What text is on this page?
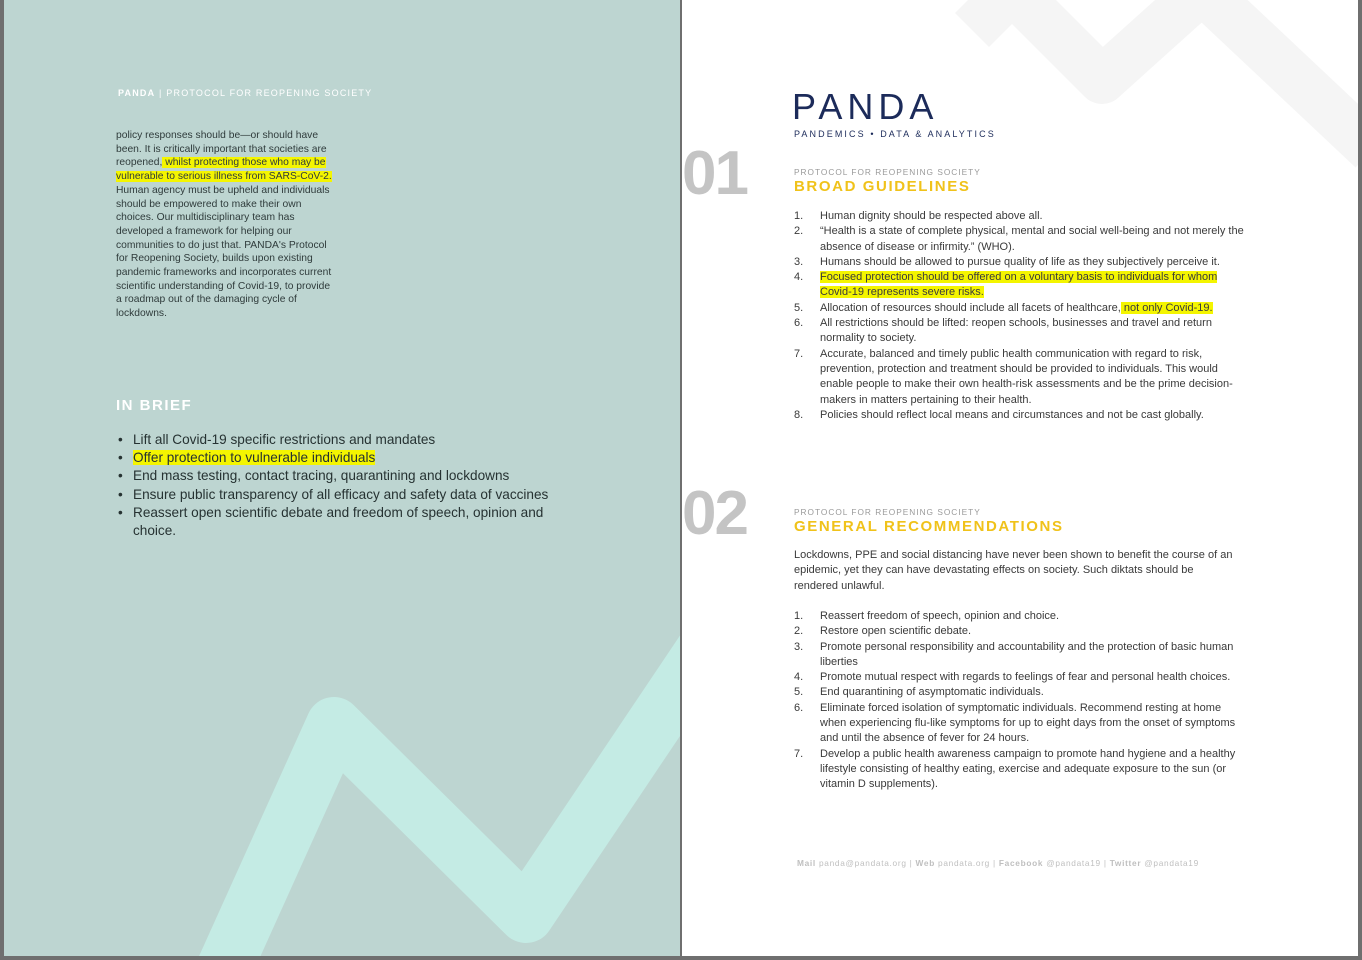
PANDA | PROTOCOL FOR REOPENING SOCIETY
policy responses should be—or should have been. It is critically important that societies are reopened, whilst protecting those who may be vulnerable to serious illness from SARS-CoV-2. Human agency must be upheld and individuals should be empowered to make their own choices. Our multidisciplinary team has developed a framework for helping our communities to do just that. PANDA's Protocol for Reopening Society, builds upon existing pandemic frameworks and incorporates current scientific understanding of Covid-19, to provide a roadmap out of the damaging cycle of lockdowns.
IN BRIEF
• Lift all Covid-19 specific restrictions and mandates
• Offer protection to vulnerable individuals
• End mass testing, contact tracing, quarantining and lockdowns
• Ensure public transparency of all efficacy and safety data of vaccines
• Reassert open scientific debate and freedom of speech, opinion and choice.
PANDA
PANDEMICS • DATA & ANALYTICS
01	PROTOCOL FOR REOPENING SOCIETY
BROAD GUIDELINES
1. Human dignity should be respected above all.
2. “Health is a state of complete physical, mental and social well-being and not merely the absence of disease or infirmity.” (WHO).
3. Humans should be allowed to pursue quality of life as they subjectively perceive it.
4. Focused protection should be offered on a voluntary basis to individuals for whom Covid-19 represents severe risks.
5. Allocation of resources should include all facets of healthcare, not only Covid-19.
6. All restrictions should be lifted: reopen schools, businesses and travel and return normality to society.
7. Accurate, balanced and timely public health communication with regard to risk, prevention, protection and treatment should be provided to individuals. This would enable people to make their own health-risk assessments and be the prime decision-makers in matters pertaining to their health.
8. Policies should reflect local means and circumstances and not be cast globally.
02	PROTOCOL FOR REOPENING SOCIETY
GENERAL RECOMMENDATIONS
Lockdowns, PPE and social distancing have never been shown to benefit the course of an epidemic, yet they can have devastating effects on society. Such diktats should be rendered unlawful.
1. Reassert freedom of speech, opinion and choice.
2. Restore open scientific debate.
3. Promote personal responsibility and accountability and the protection of basic human liberties
4. Promote mutual respect with regards to feelings of fear and personal health choices.
5. End quarantining of asymptomatic individuals.
6. Eliminate forced isolation of symptomatic individuals. Recommend resting at home when experiencing flu-like symptoms for up to eight days from the onset of symptoms and until the absence of fever for 24 hours.
7. Develop a public health awareness campaign to promote hand hygiene and a healthy lifestyle consisting of healthy eating, exercise and adequate exposure to the sun (or vitamin D supplements).
Mail panda@pandata.org | Web pandata.org | Facebook @pandata19 | Twitter @pandata19
